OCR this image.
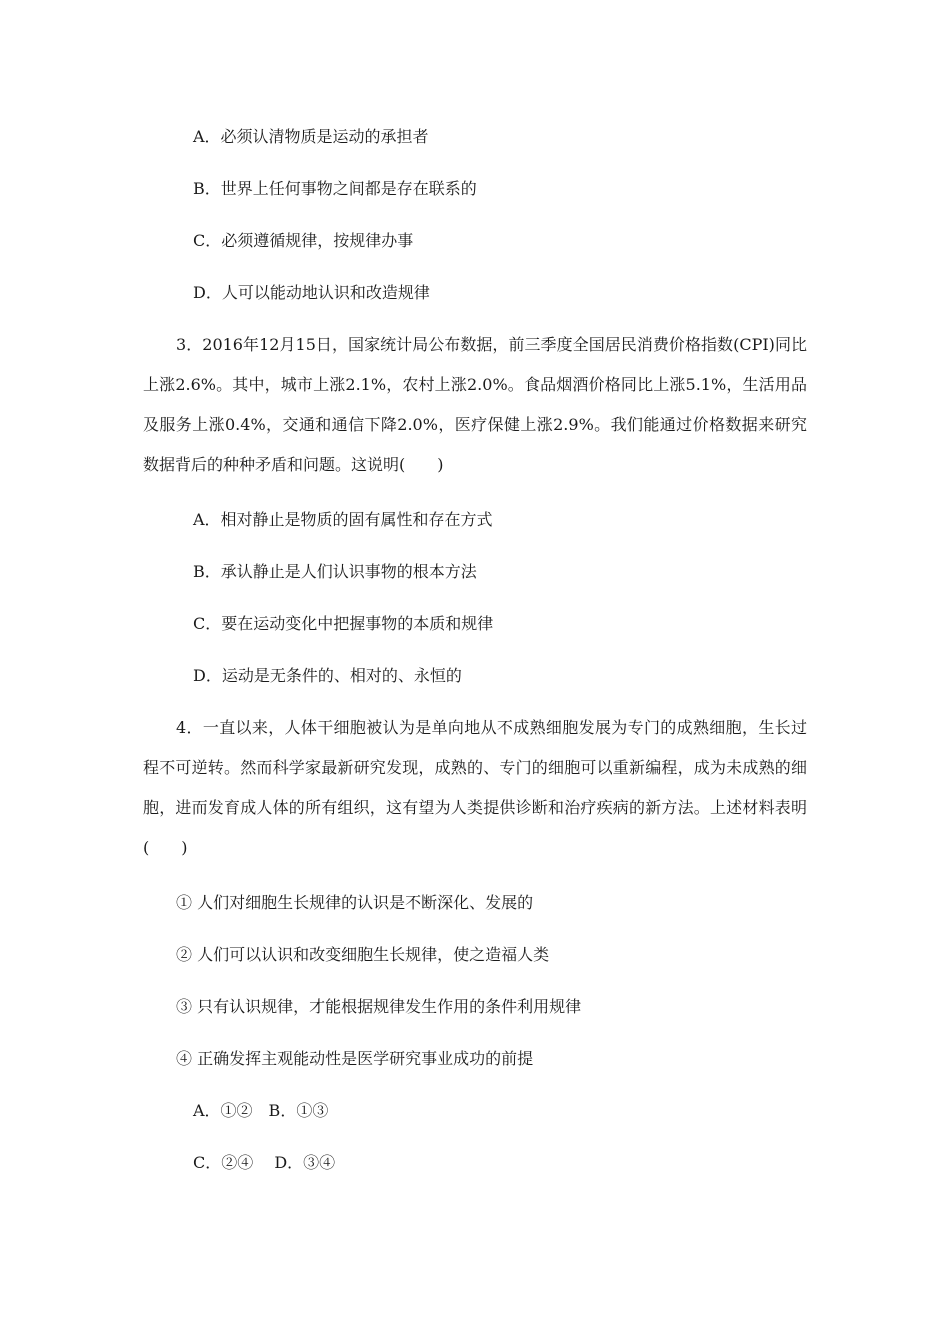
A．必须认清物质是运动的承担者
B．世界上任何事物之间都是存在联系的
C．必须遵循规律，按规律办事
D．人可以能动地认识和改造规律
3．2016年12月15日，国家统计局公布数据，前三季度全国居民消费价格指数(CPI)同比上涨2.6%。其中，城市上涨2.1%，农村上涨2.0%。食品烟酒价格同比上涨5.1%，生活用品及服务上涨0.4%，交通和通信下降2.0%，医疗保健上涨2.9%。我们能通过价格数据来研究数据背后的种种矛盾和问题。这说明(　　)
A．相对静止是物质的固有属性和存在方式
B．承认静止是人们认识事物的根本方法
C．要在运动变化中把握事物的本质和规律
D．运动是无条件的、相对的、永恒的
4．一直以来，人体干细胞被认为是单向地从不成熟细胞发展为专门的成熟细胞，生长过程不可逆转。然而科学家最新研究发现，成熟的、专门的细胞可以重新编程，成为未成熟的细胞，进而发育成人体的所有组织，这有望为人类提供诊断和治疗疾病的新方法。上述材料表明(　　)
① 人们对细胞生长规律的认识是不断深化、发展的
② 人们可以认识和改变细胞生长规律，使之造福人类
③ 只有认识规律，才能根据规律发生作用的条件利用规律
④ 正确发挥主观能动性是医学研究事业成功的前提
A．①②　B．①③
C．②④　 D．③④
